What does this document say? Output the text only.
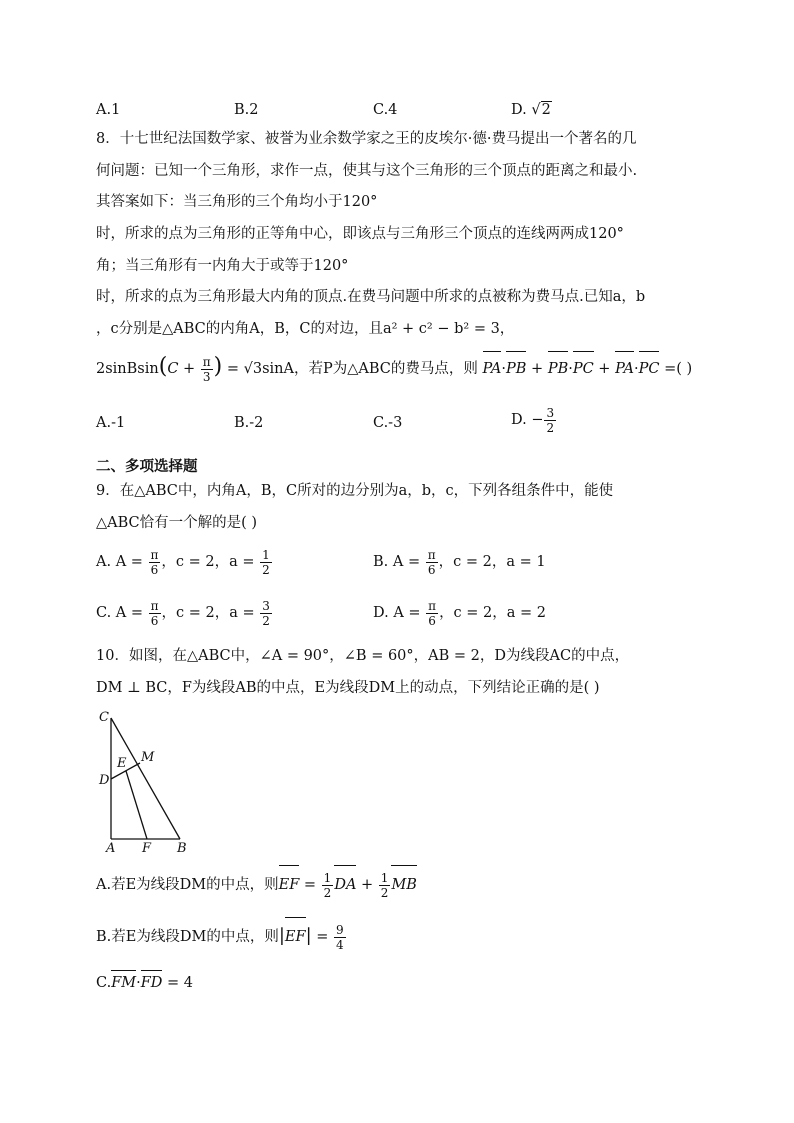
A.1	B.2	C.4	D. √2
8．十七世纪法国数学家、被誉为业余数学家之王的皮埃尔·德·费马提出一个著名的几
何问题：已知一个三角形，求作一点，使其与这个三角形的三个顶点的距离之和最小.
其答案如下：当三角形的三个角均小于120°
时，所求的点为三角形的正等角中心，即该点与三角形三个顶点的连线两两成120°
角；当三角形有一内角大于或等于120°
时，所求的点为三角形最大内角的顶点.在费马问题中所求的点被称为费马点.已知a，b
，c分别是△ABC的内角A，B，C的对边，且a² + c² − b² = 3，
2sinBsin(C + $\frac{\pi}{3}$ ) = √3sinA，若P为△ABC的费马点，则 PA·PB + PB·PC + PA·PC =( )
A.-1	B.-2	C.-3	D. − $\frac{3}{2}$
二、多项选择题
9．在△ABC中，内角A，B，C所对的边分别为a，b，c，下列各组条件中，能使
△ABC恰有一个解的是( )
A. $A = \frac{\pi}{6}$ ，c = 2，$a = \frac{1}{2}$	B. $A = \frac{\pi}{6}$ ，c = 2，a = 1
C. $A = \frac{\pi}{6}$ ，c = 2，$a = \frac{3}{2}$	D. $A = \frac{\pi}{6}$ ，c = 2，a = 2
10．如图，在△ABC中，∠A = 90°，∠B = 60°，AB = 2，D为线段AC的中点，
DM ⊥ BC，F为线段AB的中点，E为线段DM上的动点，下列结论正确的是( )
C
M
E
D
A F B
A.若E为线段DM的中点，则EF = $\frac{1}{2}$ DA + $\frac{1}{2}$ MB
B.若E为线段DM的中点，则$|EF| = \frac{9}{4}$
C.FM·FD = 4
